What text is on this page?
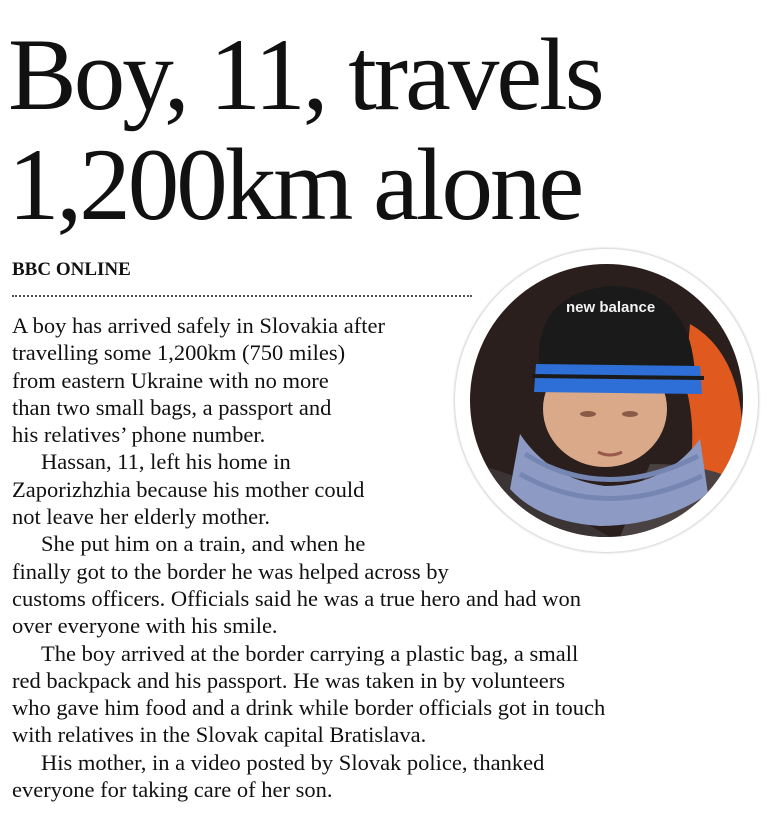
Boy, 11, travels
1,200km alone
BBC ONLINE
new balance
A boy has arrived safely in Slovakia after
travelling some 1,200km (750 miles)
from eastern Ukraine with no more
than two small bags, a passport and
his relatives’ phone number.
Hassan, 11, left his home in
Zaporizhzhia because his mother could
not leave her elderly mother.
She put him on a train, and when he
finally got to the border he was helped across by
customs officers. Officials said he was a true hero and had won
over everyone with his smile.
The boy arrived at the border carrying a plastic bag, a small
red backpack and his passport. He was taken in by volunteers
who gave him food and a drink while border officials got in touch
with relatives in the Slovak capital Bratislava.
His mother, in a video posted by Slovak police, thanked
everyone for taking care of her son.
